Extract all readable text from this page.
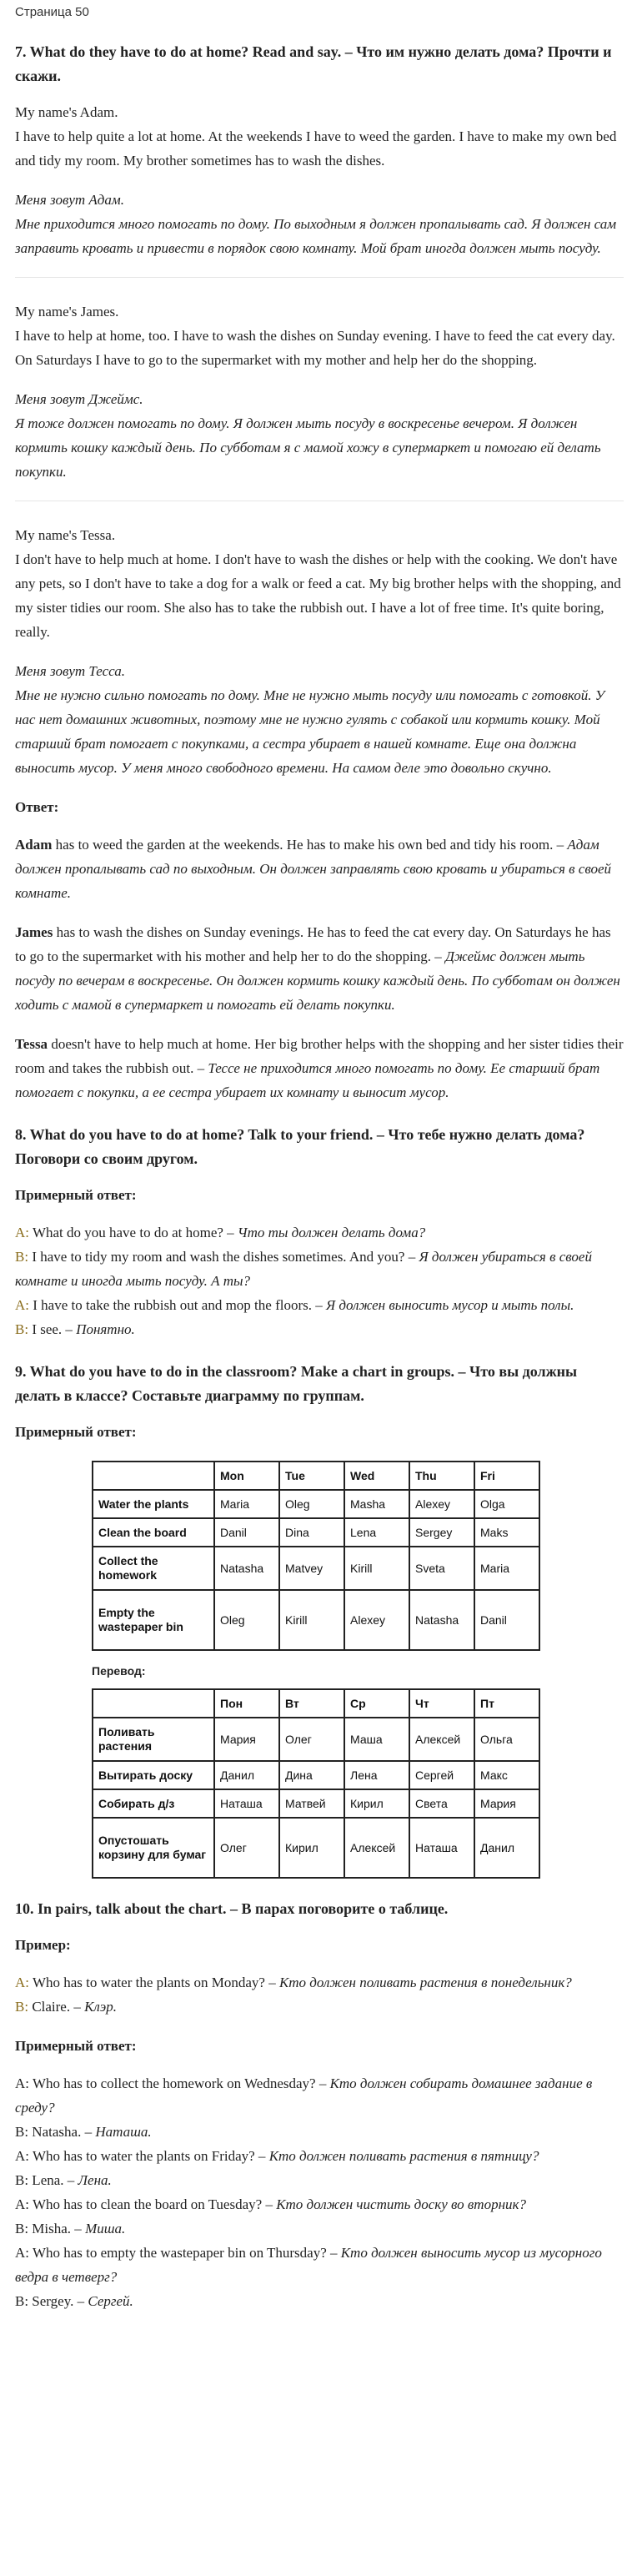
Страница 50
7. What do they have to do at home? Read and say. – Что им нужно делать дома? Прочти и скажи.

My name's Adam.

I have to help quite a lot at home. At the weekends I have to weed the garden. I have to make my own bed and tidy my room. My brother sometimes has to wash the dishes.

Меня зовут Адам.

Мне приходится много помогать по дому. По выходным я должен пропалывать сад. Я должен сам заправить кровать и привести в порядок свою комнату. Мой брат иногда должен мыть посуду.

My name's James.

I have to help at home, too. I have to wash the dishes on Sunday evening. I have to feed the cat every day. On Saturdays I have to go to the supermarket with my mother and help her do the shopping.

Меня зовут Джеймс.

Я тоже должен помогать по дому. Я должен мыть посуду в воскресенье вечером. Я должен кормить кошку каждый день. По субботам я с мамой хожу в супермаркет и помогаю ей делать покупки.

My name's Tessa.

I don't have to help much at home. I don't have to wash the dishes or help with the cooking. We don't have any pets, so I don't have to take a dog for a walk or feed a cat. My big brother helps with the shopping, and my sister tidies our room. She also has to take the rubbish out. I have a lot of free time. It's quite boring, really.

Меня зовут Тесса.

Мне не нужно сильно помогать по дому. Мне не нужно мыть посуду или помогать с готовкой. У нас нет домашних животных, поэтому мне не нужно гулять с собакой или кормить кошку. Мой старший брат помогает с покупками, а сестра убирает в нашей комнате. Еще она должна выносить мусор. У меня много свободного времени. На самом деле это довольно скучно.

Ответ:

Adam has to weed the garden at the weekends. He has to make his own bed and tidy his room. – Адам должен пропалывать сад по выходным. Он должен заправлять свою кровать и убираться в своей комнате.

James has to wash the dishes on Sunday evenings. He has to feed the cat every day. On Saturdays he has to go to the supermarket with his mother and help her to do the shopping. – Джеймс должен мыть посуду по вечерам в воскресенье. Он должен кормить кошку каждый день. По субботам он должен ходить с мамой в супермаркет и помогать ей делать покупки.

Tessa doesn't have to help much at home. Her big brother helps with the shopping and her sister tidies their room and takes the rubbish out. – Тессе не приходится много помогать по дому. Ее старший брат помогает с покупки, а ее сестра убирает их комнату и выносит мусор.

8. What do you have to do at home? Talk to your friend. – Что тебе нужно делать дома? Поговори со своим другом.
Примерный ответ:

A: What do you have to do at home? – Что ты должен делать дома?

B: I have to tidy my room and wash the dishes sometimes. And you? – Я должен убираться в своей комнате и иногда мыть посуду. А ты?

A: I have to take the rubbish out and mop the floors. – Я должен выносить мусор и мыть полы.

B: I see. – Понятно.

9. What do you have to do in the classroom? Make a chart in groups. – Что вы должны делать в классе? Составьте диаграмму по группам.
Примерный ответ:
	Mon	Tue	Wed	Thu	Fri
Water the plants	Maria	Oleg	Masha	Alexey	Olga
Clean the board	Danil	Dina	Lena	Sergey	Maks
Collect the homework	Natasha	Matvey	Kirill	Sveta	Maria
Empty the wastepaper bin	Oleg	Kirill	Alexey	Natasha	Danil
Перевод:
	Пон	Вт	Ср	Чт	Пт
Поливать растения	Мария	Олег	Маша	Алексей	Ольга
Вытирать доску	Данил	Дина	Лена	Сергей	Макс
Собирать д/з	Наташа	Матвей	Кирил	Света	Мария
Опустошать корзину для бумаг	Олег	Кирил	Алексей	Наташа	Данил
10. In pairs, talk about the chart. – В парах поговорите о таблице.
Пример:

A: Who has to water the plants on Monday? – Кто должен поливать растения в понедельник?

B: Claire. – Клэр.

Примерный ответ:

A: Who has to collect the homework on Wednesday? – Кто должен собирать домашнее задание в среду?

B: Natasha. – Наташа.

A: Who has to water the plants on Friday? – Кто должен поливать растения в пятницу?

B: Lena. – Лена.

A: Who has to clean the board on Tuesday? – Кто должен чистить доску во вторник?

B: Misha. – Миша.

A: Who has to empty the wastepaper bin on Thursday? – Кто должен выносить мусор из мусорного ведра в четверг?

B: Sergey. – Сергей.
